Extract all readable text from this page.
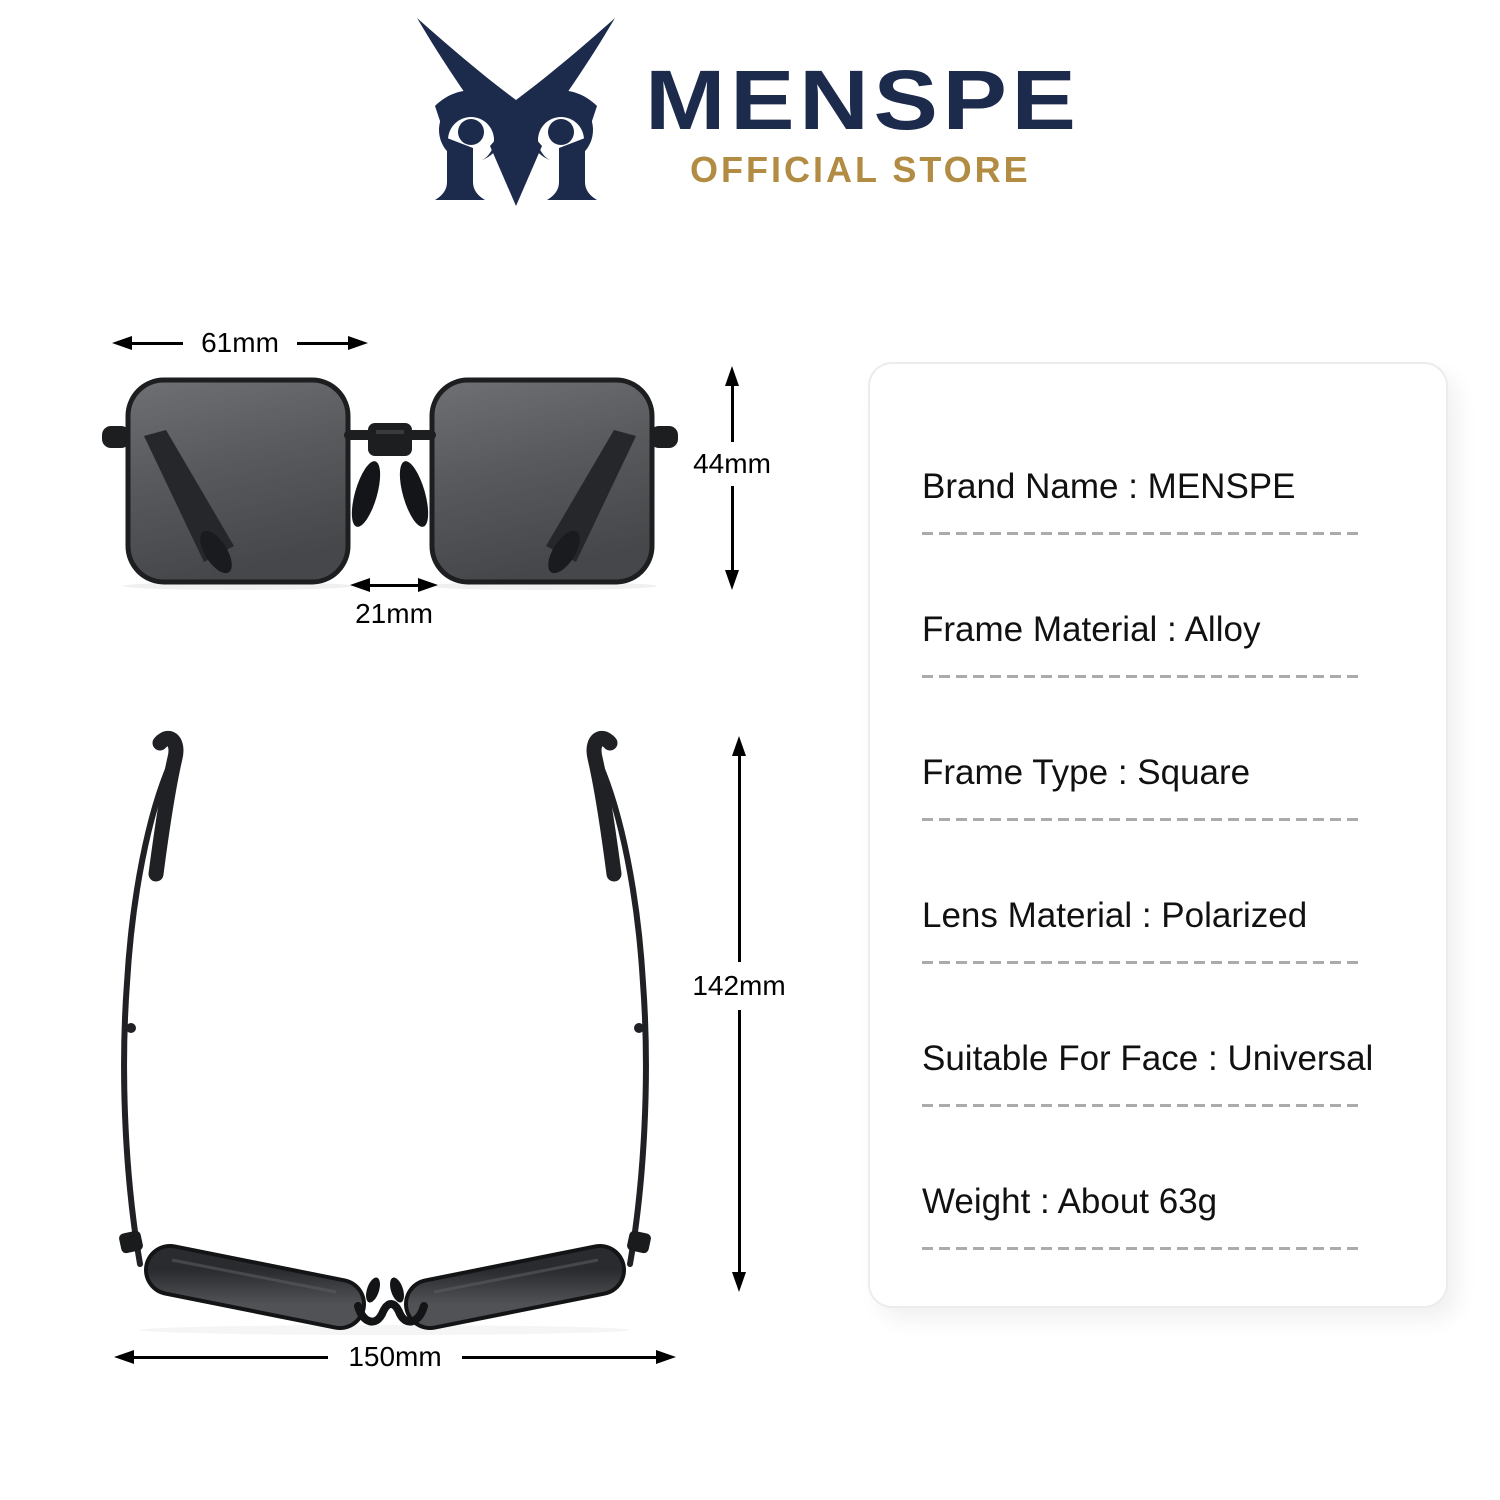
MENSPE
OFFICIAL STORE
61mm
44mm
21mm
142mm
150mm
Brand Name : MENSPE
Frame Material : Alloy
Frame Type : Square
Lens Material : Polarized
Suitable For Face : Universal
Weight : About 63g
